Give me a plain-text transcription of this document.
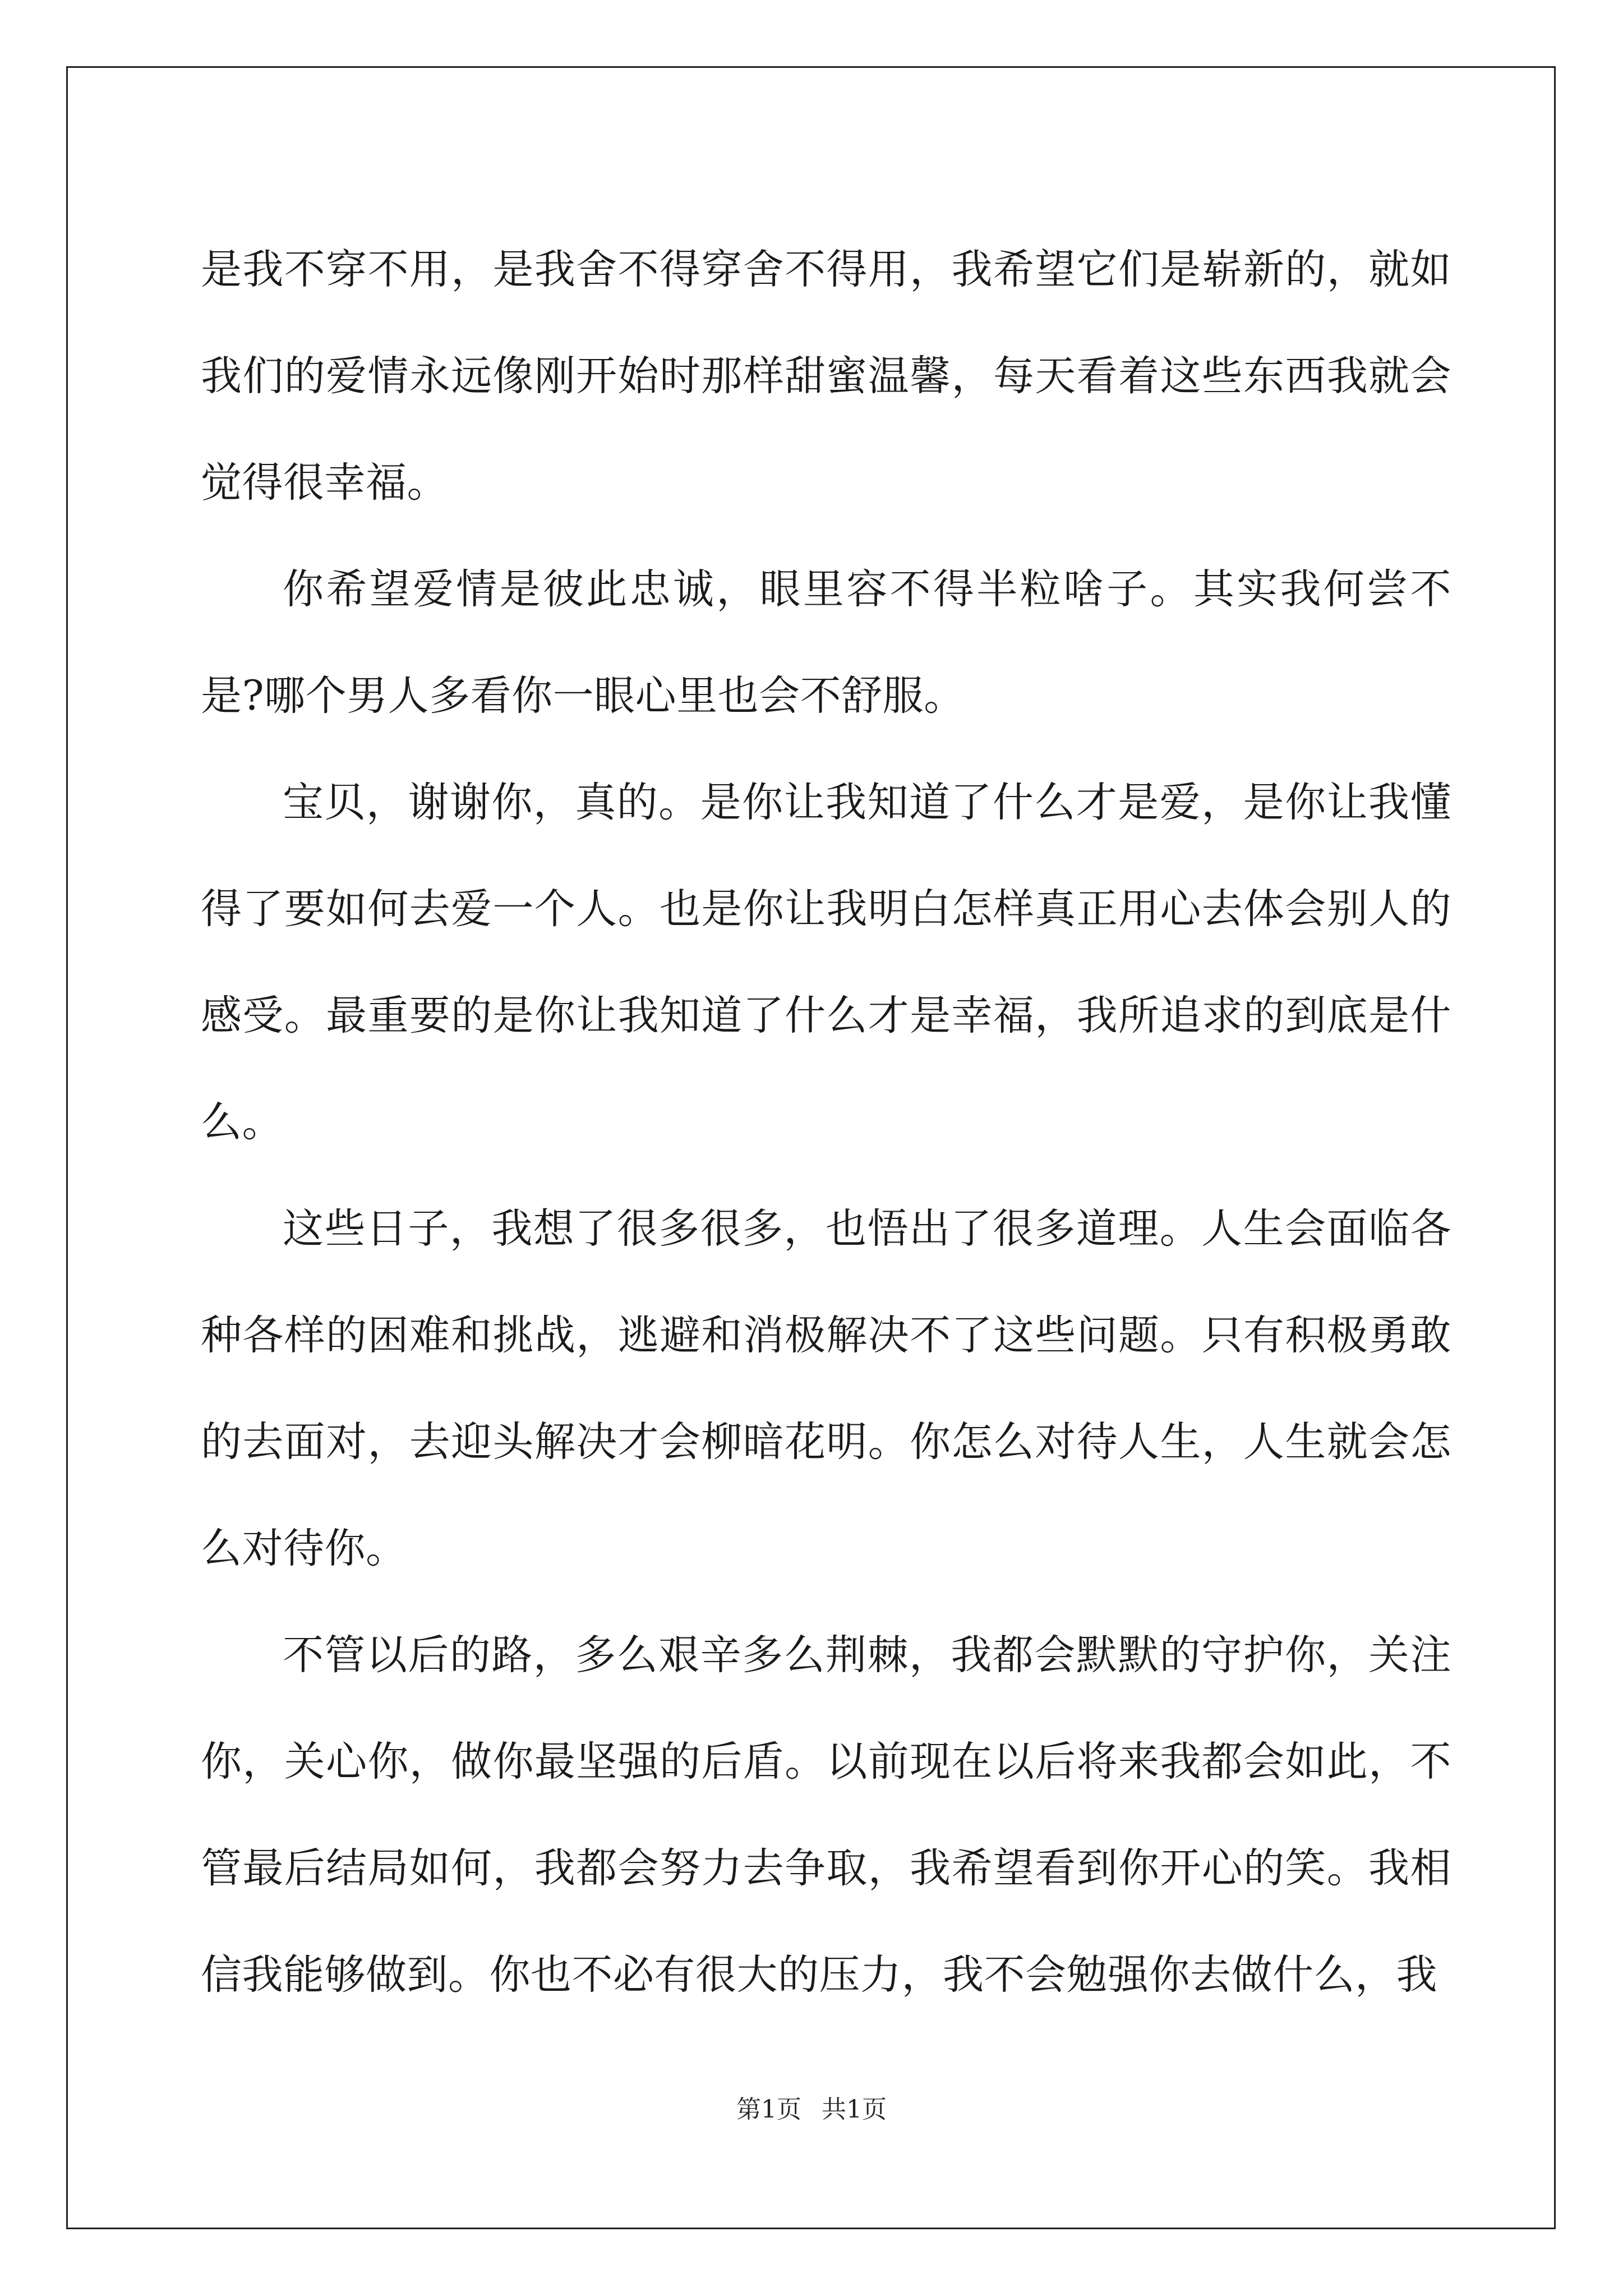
是我不穿不用，是我舍不得穿舍不得用，我希望它们是崭新的，就如我们的爱情永远像刚开始时那样甜蜜温馨，每天看着这些东西我就会觉得很幸福。

你希望爱情是彼此忠诚，眼里容不得半粒啥子。其实我何尝不是?哪个男人多看你一眼心里也会不舒服。

宝贝，谢谢你，真的。是你让我知道了什么才是爱，是你让我懂得了要如何去爱一个人。也是你让我明白怎样真正用心去体会别人的感受。最重要的是你让我知道了什么才是幸福，我所追求的到底是什么。

这些日子，我想了很多很多，也悟出了很多道理。人生会面临各种各样的困难和挑战，逃避和消极解决不了这些问题。只有积极勇敢的去面对，去迎头解决才会柳暗花明。你怎么对待人生，人生就会怎么对待你。

不管以后的路，多么艰辛多么荆棘，我都会默默的守护你，关注你，关心你，做你最坚强的后盾。以前现在以后将来我都会如此，不管最后结局如何，我都会努力去争取，我希望看到你开心的笑。我相信我能够做到。你也不必有很大的压力，我不会勉强你去做什么，我

第1页 共1页
